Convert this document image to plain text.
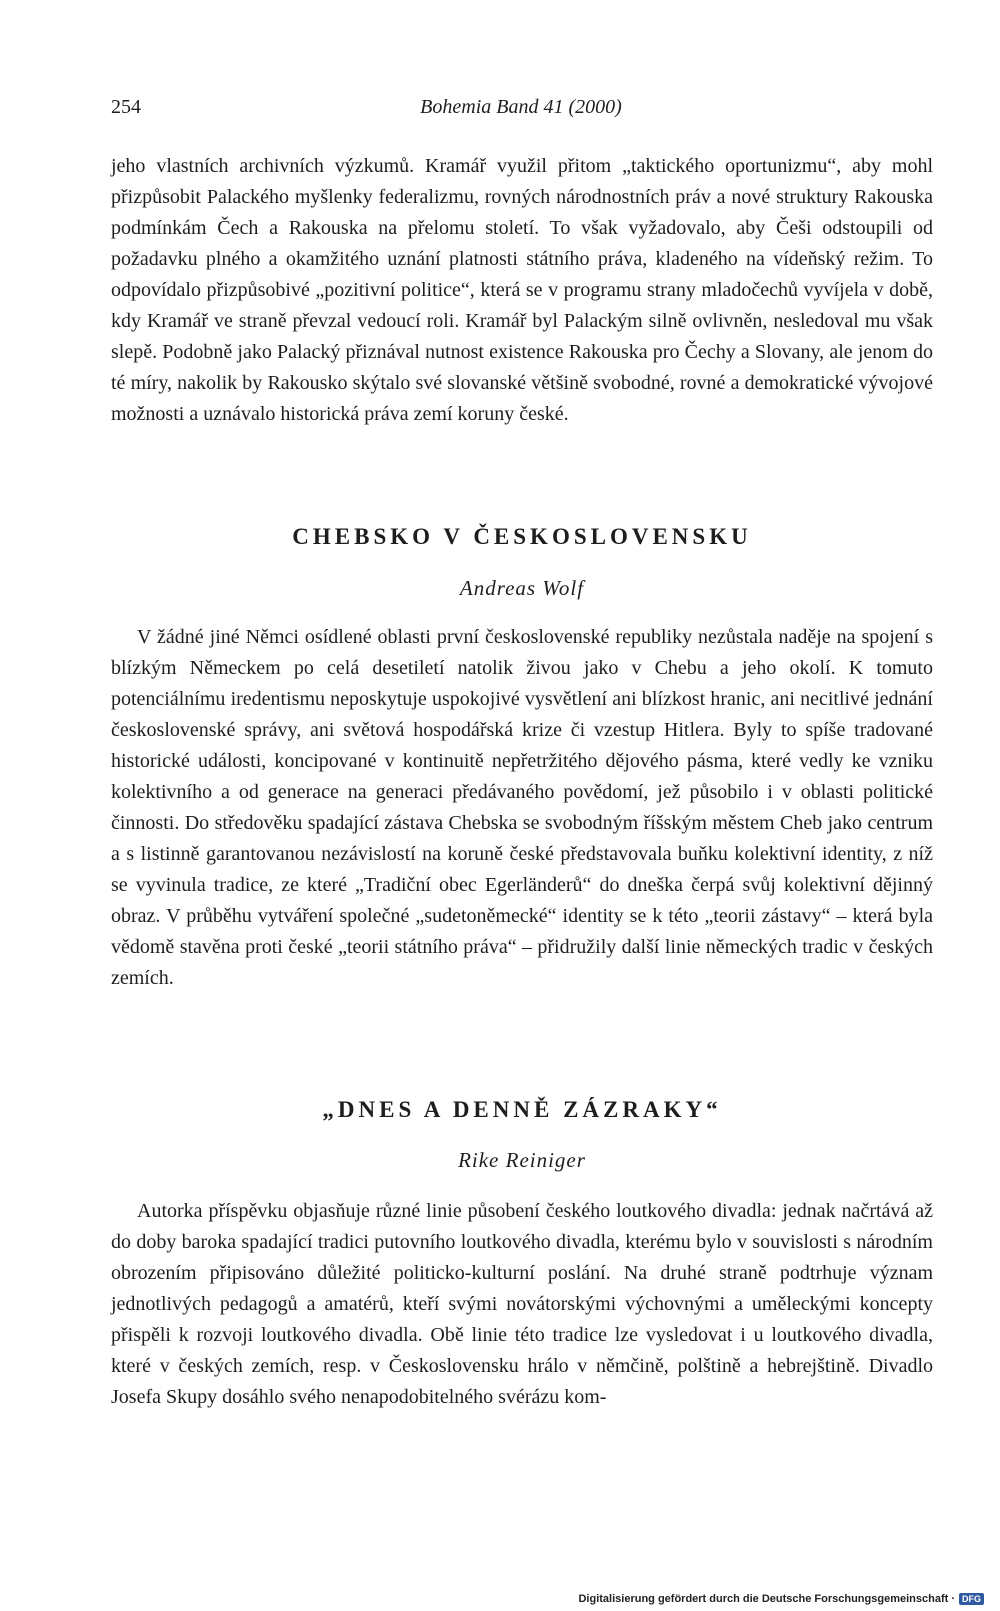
254	Bohemia Band 41 (2000)

jeho vlastních archivních výzkumů. Kramář využil přitom „taktického oportunizmu“, aby mohl přizpůsobit Palackého myšlenky federalizmu, rovných národnostních práv a nové struktury Rakouska podmínkám Čech a Rakouska na přelomu století. To však vyžadovalo, aby Češi odstoupili od požadavku plného a okamžitého uznání platnosti státního práva, kladeného na vídeňský režim. To odpovídalo přizpůsobivé „pozitivní politice“, která se v programu strany mladočechů vyvíjela v době, kdy Kramář ve straně převzal vedoucí roli. Kramář byl Palackým silně ovlivněn, nesledoval mu však slepě. Podobně jako Palacký přiznával nutnost existence Rakouska pro Čechy a Slovany, ale jenom do té míry, nakolik by Rakousko skýtalo své slovanské většině svobodné, rovné a demokratické vývojové možnosti a uznávalo historická práva zemí koruny české.

CHEBSKO V ČESKOSLOVENSKU

Andreas Wolf

V žádné jiné Němci osídlené oblasti první československé republiky nezůstala naděje na spojení s blízkým Německem po celá desetiletí natolik živou jako v Chebu a jeho okolí. K tomuto potenciálnímu iredentismu neposkytuje uspokojivé vysvětlení ani blízkost hranic, ani necitlivé jednání československé správy, ani světová hospodářská krize či vzestup Hitlera. Byly to spíše tradované historické události, koncipované v kontinuitě nepřetržitého dějového pásma, které vedly ke vzniku kolektivního a od generace na generaci předávaného povědomí, jež působilo i v oblasti politické činnosti. Do středověku spadající zástava Chebska se svobodným říšským městem Cheb jako centrum a s listinně garantovanou nezávislostí na koruně české představovala buňku kolektivní identity, z níž se vyvinula tradice, ze které „Tradiční obec Egerländerů“ do dneška čerpá svůj kolektivní dějinný obraz. V průběhu vytváření společné „sudetoněmecké“ identity se k této „teorii zástavy“ – která byla vědomě stavěna proti české „teorii státního práva“ – přidružily další linie německých tradic v českých zemích.

„DNES A DENNĚ ZÁZRAKY“

Rike Reiniger

Autorka příspěvku objasňuje různé linie působení českého loutkového divadla: jednak načrtává až do doby baroka spadající tradici putovního loutkového divadla, kterému bylo v souvislosti s národním obrozením připisováno důležité politicko-kulturní poslání. Na druhé straně podtrhuje význam jednotlivých pedagogů a amatérů, kteří svými novátorskými výchovnými a uměleckými koncepty přispěli k rozvoji loutkového divadla. Obě linie této tradice lze vysledovat i u loutkového divadla, které v českých zemích, resp. v Československu hrálo v němčině, polštině a hebrejštině. Divadlo Josefa Skupy dosáhlo svého nenapodobitelného svérázu kom-

Digitalisierung gefördert durch die Deutsche Forschungsgemeinschaft · DFG
